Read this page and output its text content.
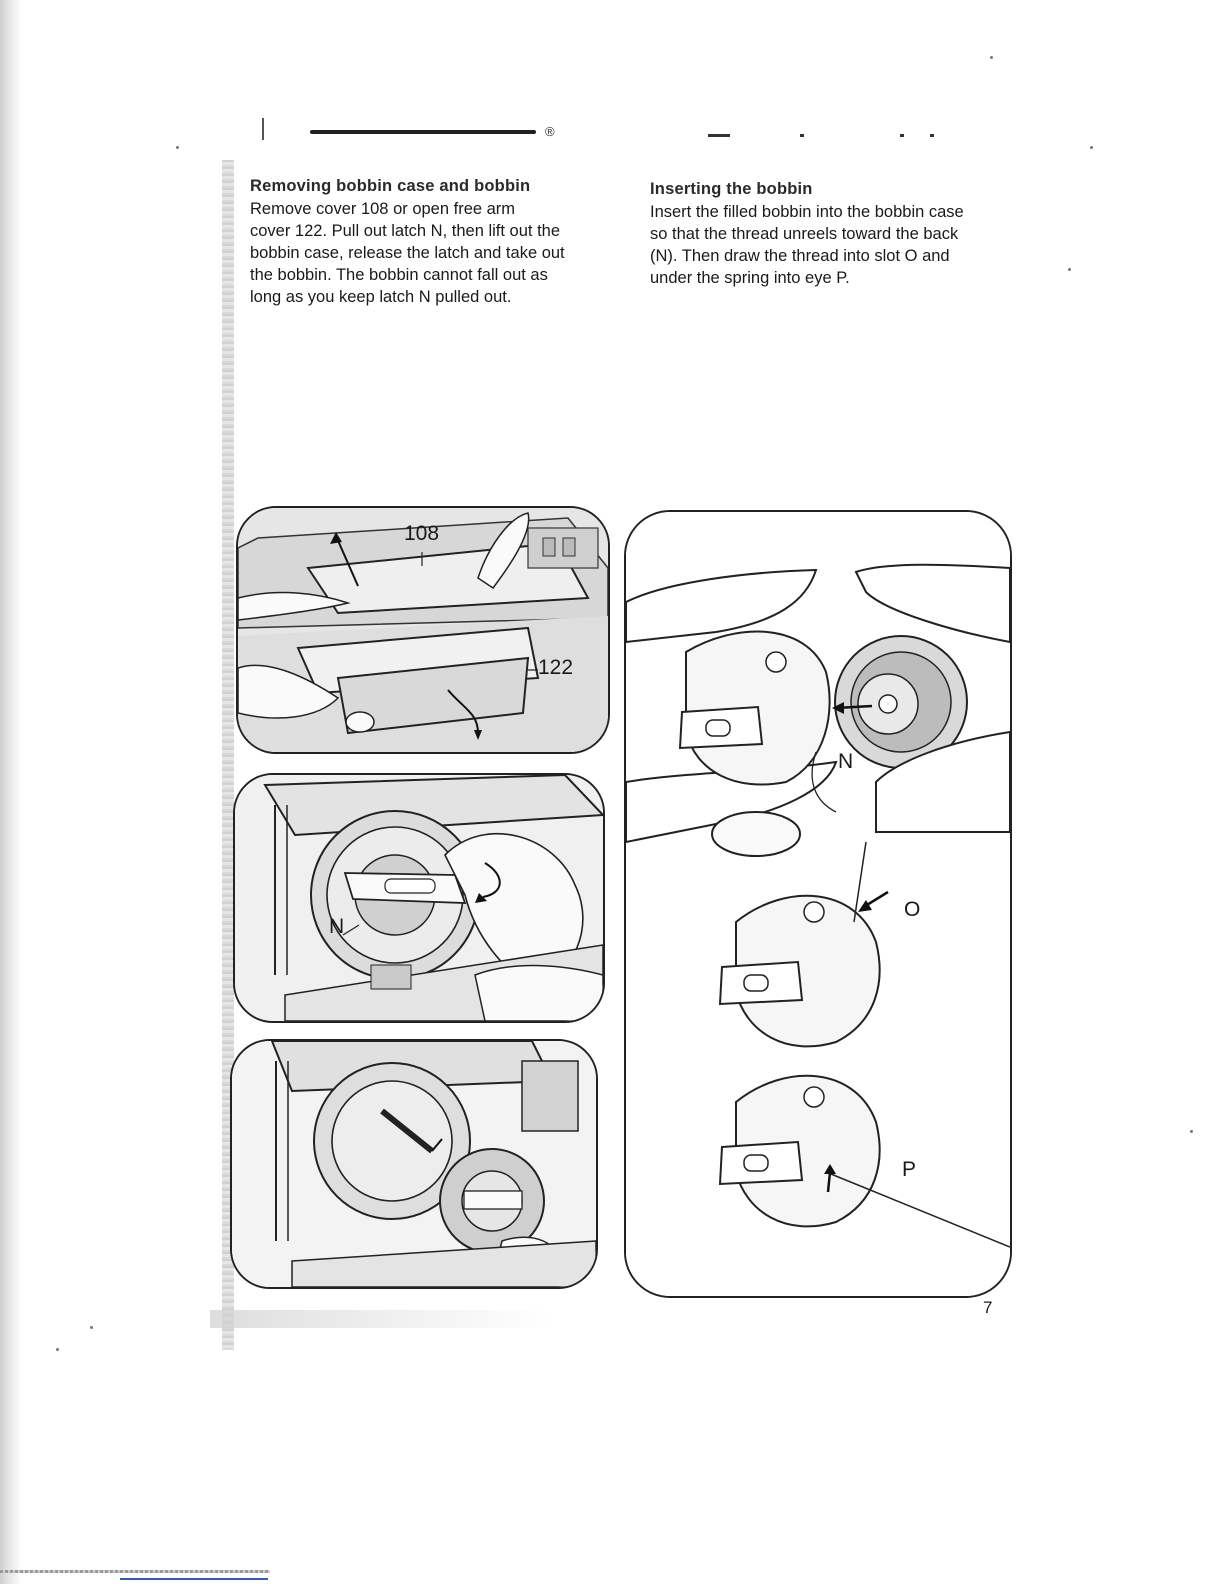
®
Removing bobbin case and bobbin

Remove cover 108 or open free arm
cover 122. Pull out latch N, then lift out the
bobbin case, release the latch and take out
the bobbin. The bobbin cannot fall out as
long as you keep latch N pulled out.

Inserting the bobbin

Insert the filled bobbin into the bobbin case
so that the thread unreels toward the back
(N). Then draw the thread into slot O and
under the spring into eye P.

108
122
N
N
O
P
7
